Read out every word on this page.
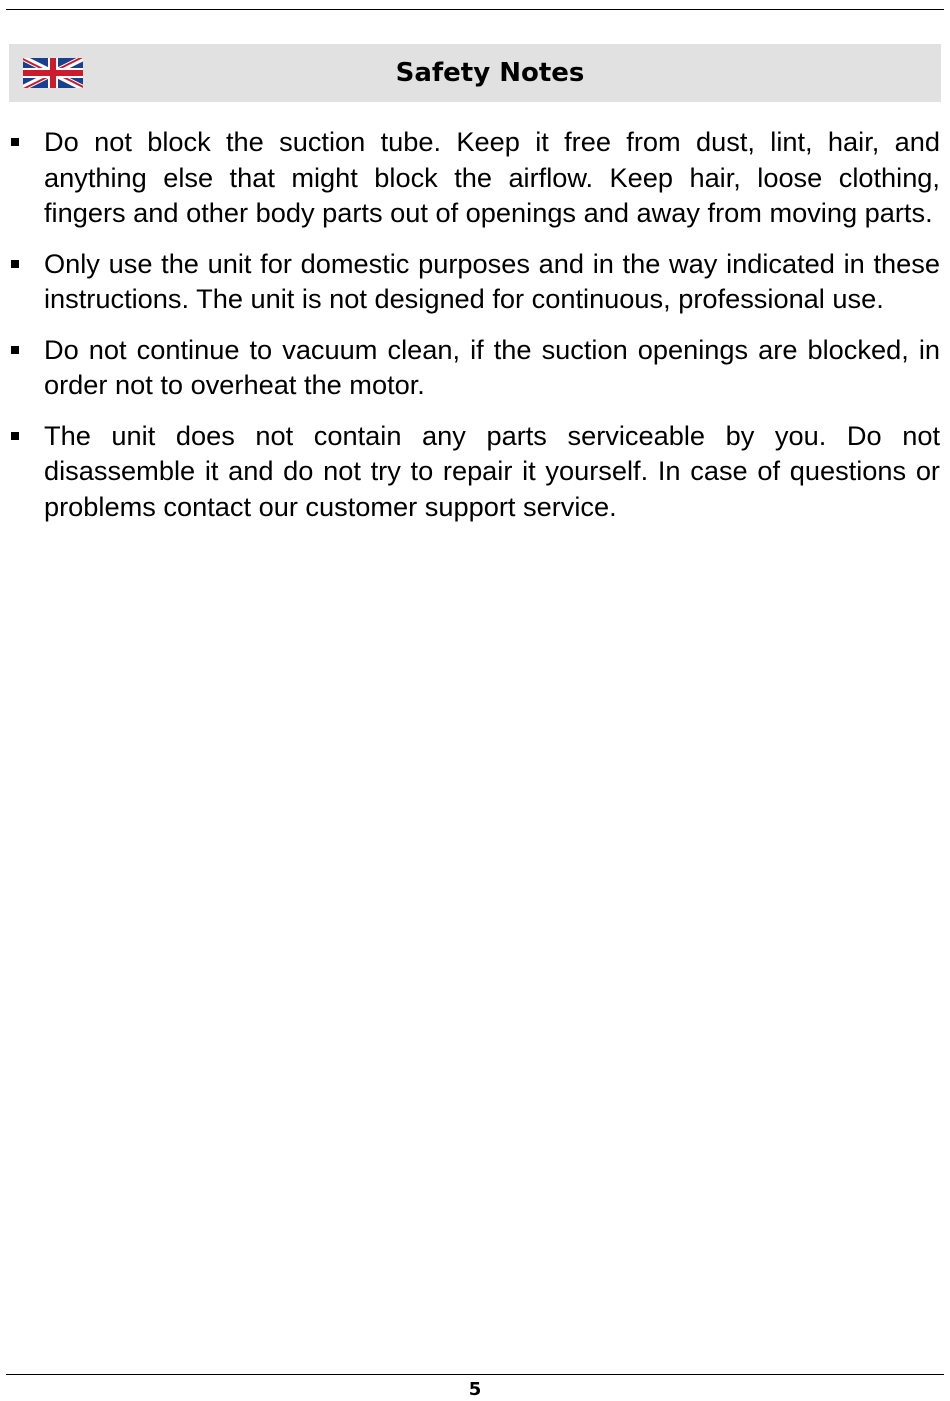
Safety Notes
Do not block the suction tube. Keep it free from dust, lint, hair, and anything else that might block the airflow. Keep hair, loose clothing, fingers and other body parts out of openings and away from moving parts.
Only use the unit for domestic purposes and in the way indicated in these instructions. The unit is not designed for continuous, professional use.
Do not continue to vacuum clean, if the suction openings are blocked, in order not to overheat the motor.
The unit does not contain any parts serviceable by you. Do not disassemble it and do not try to repair it yourself. In case of questions or problems contact our customer support service.
5
